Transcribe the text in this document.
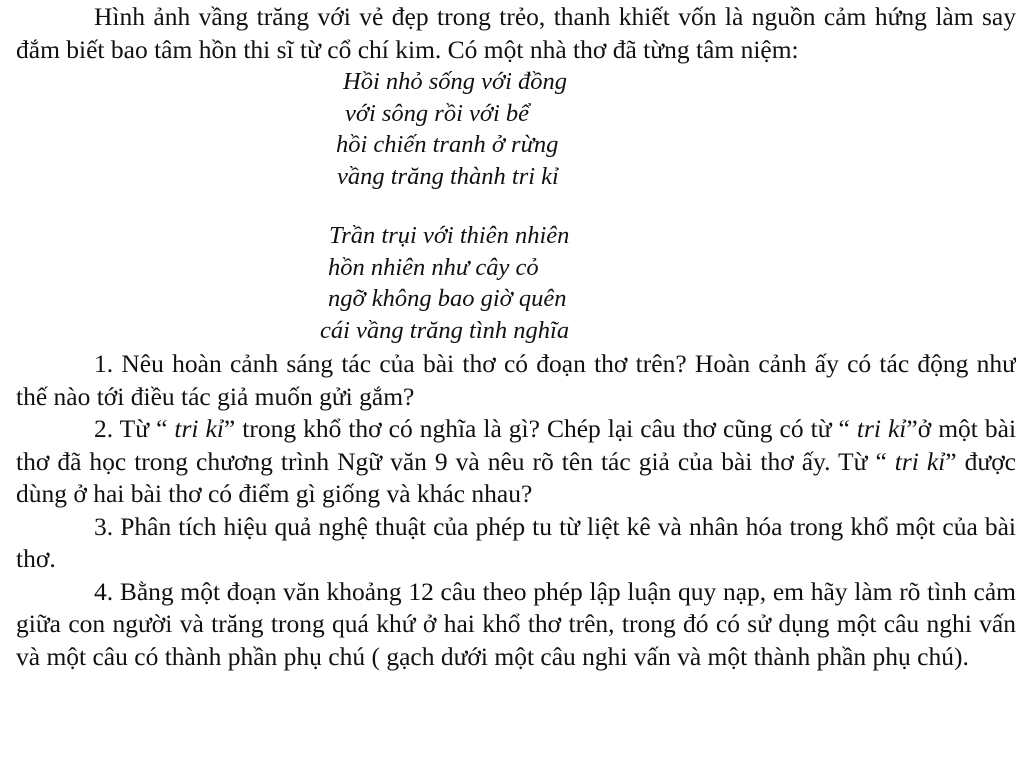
Hình ảnh vầng trăng với vẻ đẹp trong trẻo, thanh khiết vốn là nguồn cảm hứng làm say đắm biết bao tâm hồn thi sĩ từ cổ chí kim. Có một nhà thơ đã từng tâm niệm:

Hồi nhỏ sống với đồng
với sông rồi với bể
hồi chiến tranh ở rừng
vầng trăng thành tri kỉ
Trần trụi với thiên nhiên
hồn nhiên như cây cỏ
ngỡ không bao giờ quên
cái vầng trăng tình nghĩa

1. Nêu hoàn cảnh sáng tác của bài thơ có đoạn thơ trên? Hoàn cảnh ấy có tác động như thế nào tới điều tác giả muốn gửi gắm?

2. Từ “ tri kỉ” trong khổ thơ có nghĩa là gì? Chép lại câu thơ cũng có từ “ tri kỉ”ở một bài thơ đã học trong chương trình Ngữ văn 9 và nêu rõ tên tác giả của bài thơ ấy. Từ “ tri kỉ” được dùng ở hai bài thơ có điểm gì giống và khác nhau?

3. Phân tích hiệu quả nghệ thuật của phép tu từ liệt kê và nhân hóa trong khổ một của bài thơ.

4. Bằng một đoạn văn khoảng 12 câu theo phép lập luận quy nạp, em hãy làm rõ tình cảm giữa con người và trăng trong quá khứ ở hai khổ thơ trên, trong đó có sử dụng một câu nghi vấn và một câu có thành phần phụ chú ( gạch dưới một câu nghi vấn và một thành phần phụ chú).
